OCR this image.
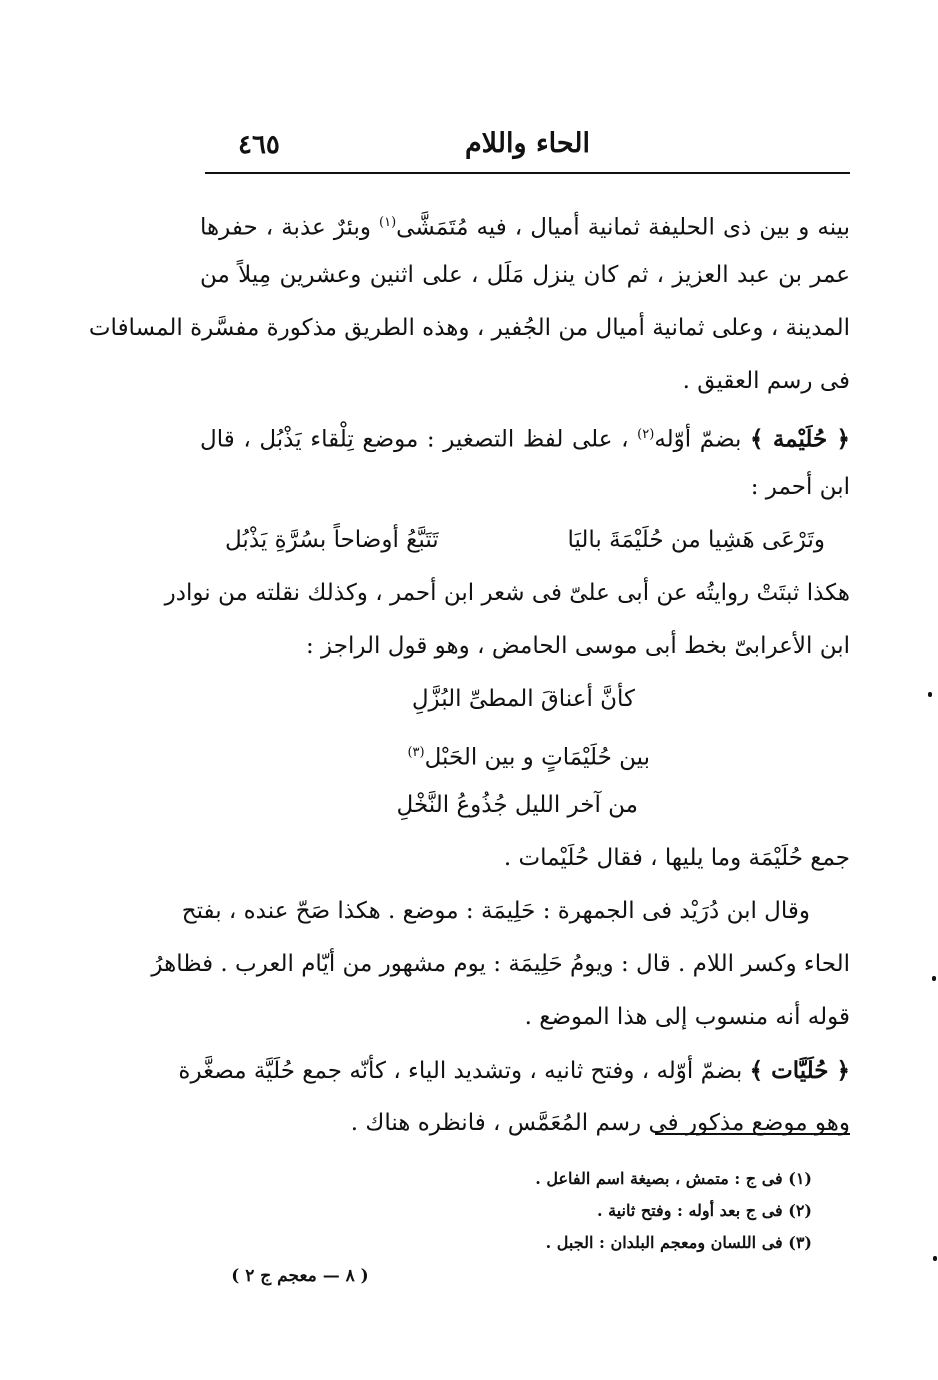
الحاء واللام
٤٦٥
بينه و بين ذى الحليفة ثمانية أميال ، فيه مُتَمَشَّى$^{(١)}$ وبئرٌ عذبة ، حفرها
عمر بن عبد العزيز ، ثم كان ينزل مَلَل ، على اثنين وعشرين مِيلاً من
المدينة ، وعلى ثمانية أميال من الجُفير ، وهذه الطريق مذكورة مفسَّرة المسافات
فى رسم العقيق .
﴿ حُلَيْمة ﴾ بضمّ أوّله$^{(٢)}$ ، على لفظ التصغير : موضع تِلْقاء يَذْبُل ، قال
ابن أحمر :
وتَرْعَى هَشِيا من حُلَيْمَةَ باليَا
تَتَبَّعُ أوضاحاً بسُرَّةِ يَذْبُل
هكذا ثبتَتْ روايتُه عن أبى علىّ فى شعر ابن أحمر ، وكذلك نقلته من نوادر
ابن الأعرابىّ بخط أبى موسى الحامض ، وهو قول الراجز :
كأنَّ أعناقَ المطىِّ البُزَّلِ
بين حُلَيْمَاتٍ و بين الحَبْل$^{(٣)}$
من آخر الليل جُذُوعُ النَّخْلِ
جمع حُلَيْمَة وما يليها ، فقال حُلَيْمات .
وقال ابن دُرَيْد فى الجمهرة : حَلِيمَة : موضع . هكذا صَحّ عنده ، بفتح
الحاء وكسر اللام . قال : ويومُ حَلِيمَة : يوم مشهور من أيّام العرب . فظاهرُ
قوله أنه منسوب إلى هذا الموضع .
﴿ حُلَيَّات ﴾ بضمّ أوّله ، وفتح ثانيه ، وتشديد الياء ، كأنّه جمع حُلَيَّة مصغَّرة
وهو موضع مذكور فى رسم المُعَمَّس ، فانظره هناك .
(١) فى ج : متمش ، بصيغة اسم الفاعل .
(٢) فى ج بعد أوله : وفتح ثانية .
(٣) فى اللسان ومعجم البلدان : الجبل .
( ٨ — معجم ج ٢ )
